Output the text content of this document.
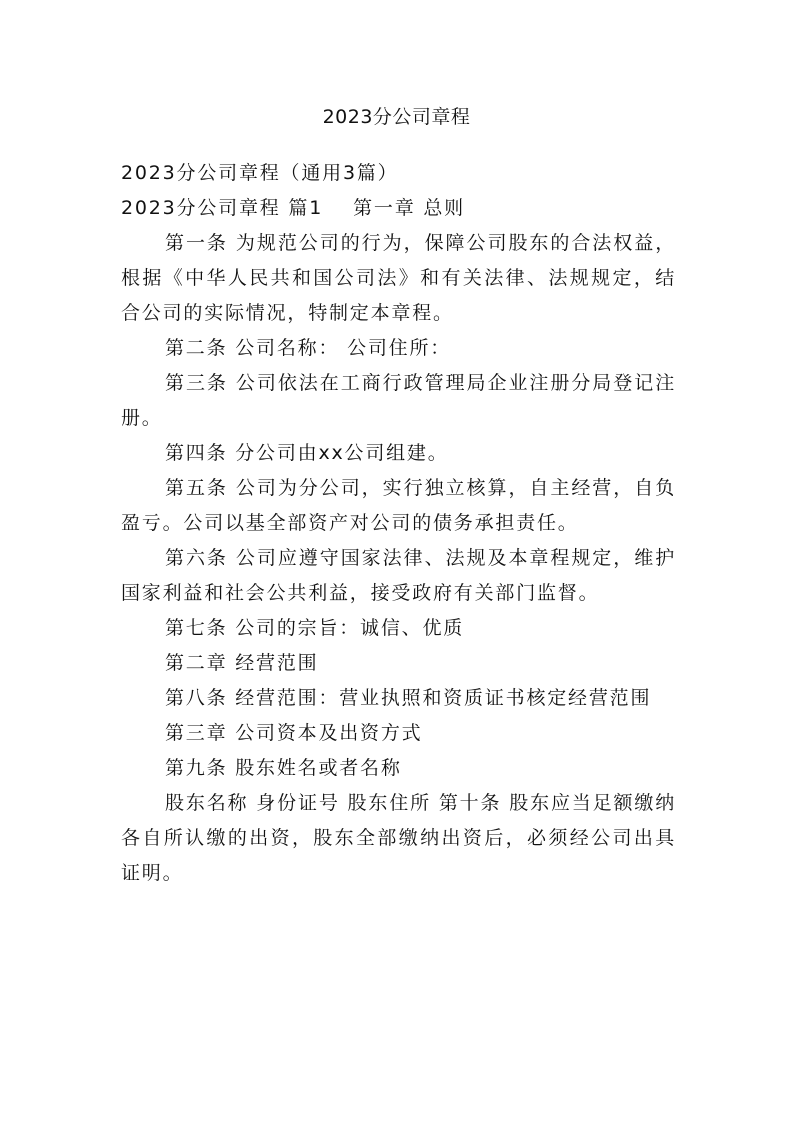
2023分公司章程

2023分公司章程（通用3篇）

2023分公司章程 篇1 第一章 总则

第一条 为规范公司的行为，保障公司股东的合法权益，根据《中华人民共和国公司法》和有关法律、法规规定，结合公司的实际情况，特制定本章程。

第二条 公司名称： 公司住所：

第三条 公司依法在工商行政管理局企业注册分局登记注册。

第四条 分公司由xx公司组建。

第五条 公司为分公司，实行独立核算，自主经营，自负盈亏。公司以基全部资产对公司的债务承担责任。

第六条 公司应遵守国家法律、法规及本章程规定，维护国家利益和社会公共利益，接受政府有关部门监督。

第七条 公司的宗旨：诚信、优质

第二章 经营范围

第八条 经营范围：营业执照和资质证书核定经营范围

第三章 公司资本及出资方式

第九条 股东姓名或者名称

股东名称 身份证号 股东住所 第十条 股东应当足额缴纳各自所认缴的出资，股东全部缴纳出资后，必须经公司出具证明。
